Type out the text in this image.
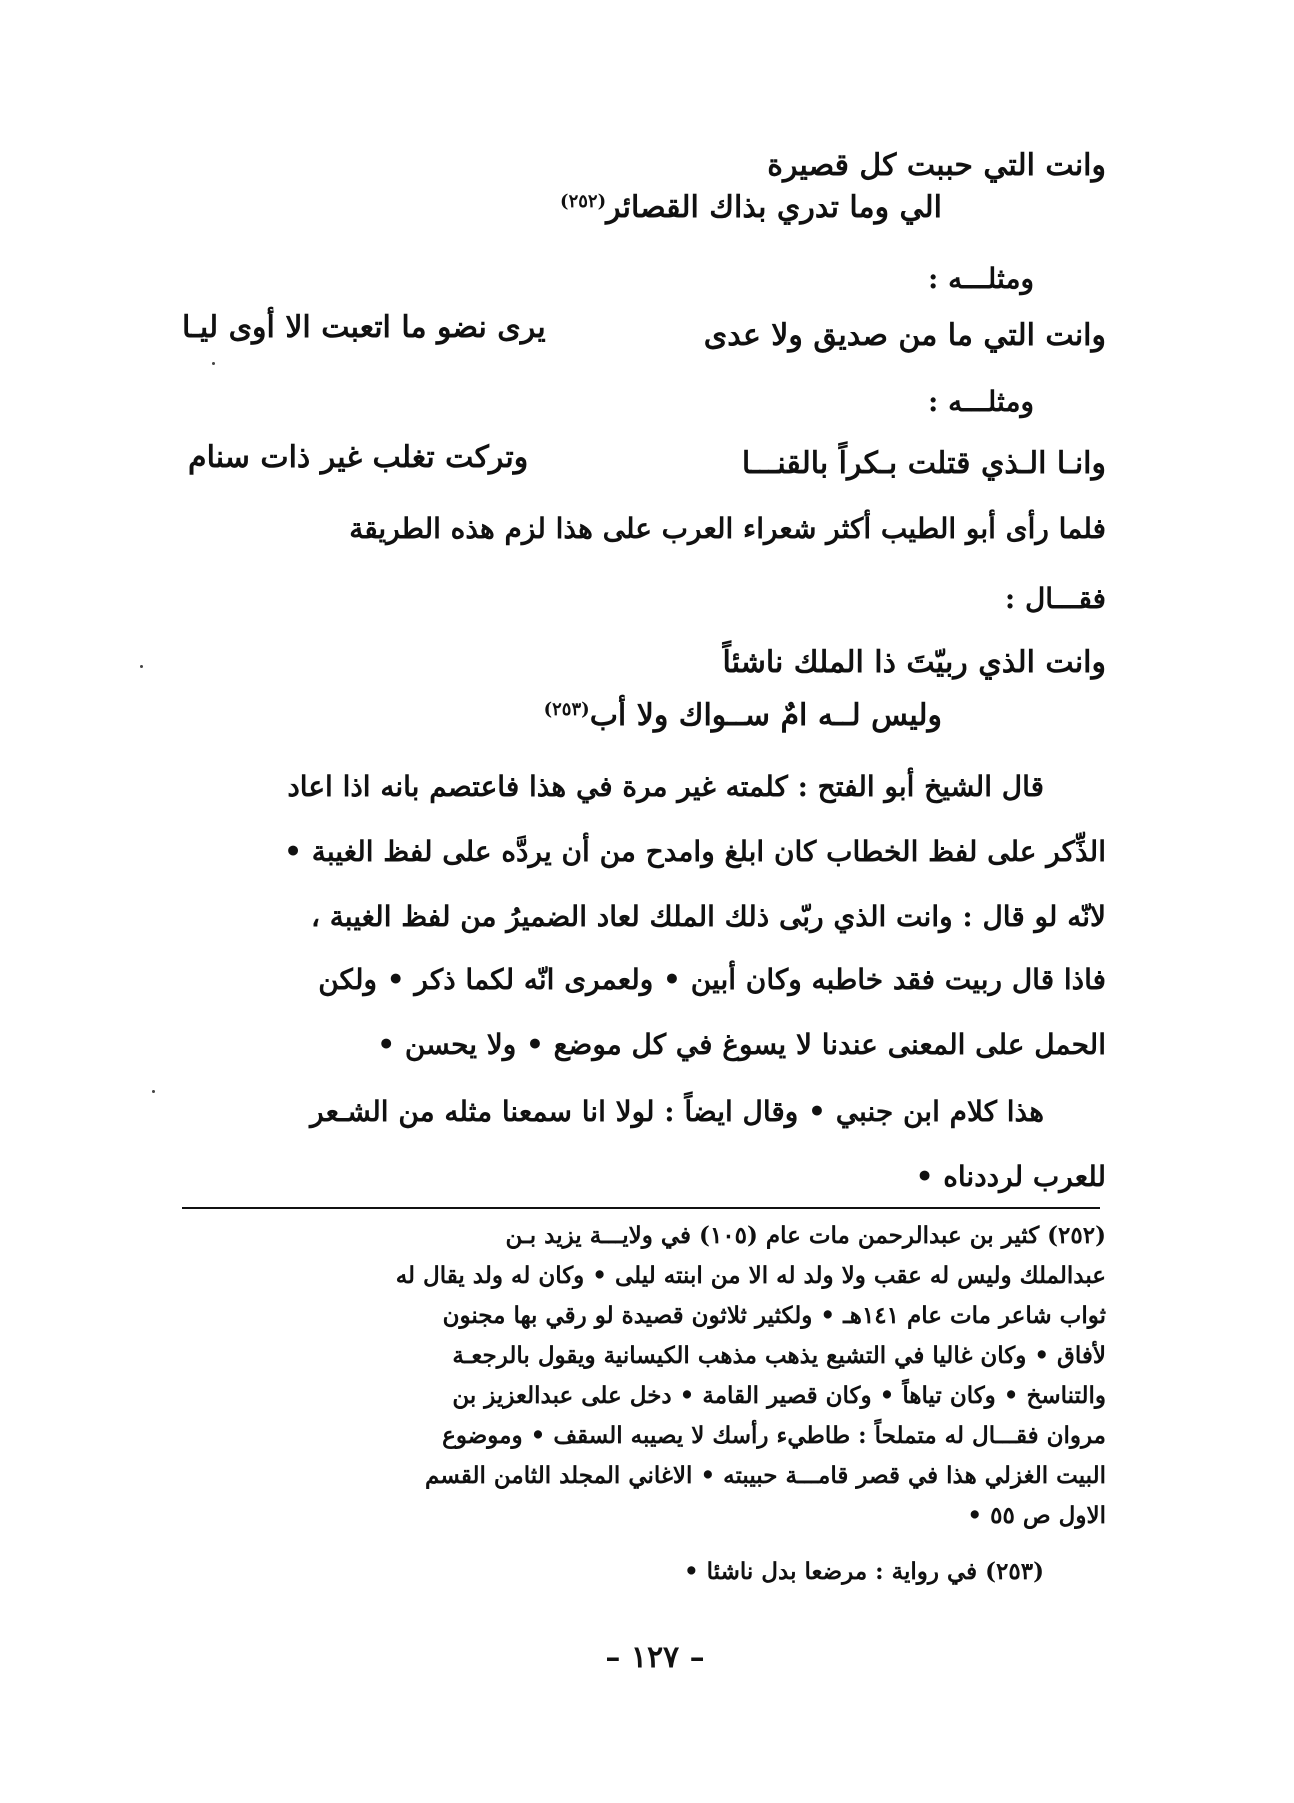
وانت التي حببت كل قصيرة
الي وما تدري بذاك القصائر$^{(٢٥٢)}$
ومثلـــه :
وانت التي ما من صديق ولا عدى
يرى نضو ما اتعبت الا أوى ليـا
ومثلـــه :
وانـا الـذي قتلت بـكراً بالقنـــا
وتركت تغلب غير ذات سنام
فلما رأى أبو الطيب أكثر شعراء العرب على هذا لزم هذه الطريقة
فقـــال :
وانت الذي ربيّتَ ذا الملك ناشئاً
وليس لــه امٌ ســواك ولا أب$^{(٢٥٣)}$
قال الشيخ أبو الفتح : كلمته غير مرة في هذا فاعتصم بانه اذا اعاد
الذِّكر على لفظ الخطاب كان ابلغ وامدح من أن يردَّه على لفظ الغيبة •
لانّه لو قال : وانت الذي ربّى ذلك الملك لعاد الضميرُ من لفظ الغيبة ،
فاذا قال ربيت فقد خاطبه وكان أبين • ولعمرى انّه لكما ذكر • ولكن
الحمل على المعنى عندنا لا يسوغ في كل موضع • ولا يحسن •
هذا كلام ابن جنبي • وقال ايضاً : لولا انا سمعنا مثله من الشـعر
للعرب لرددناه •
(٢٥٢) كثير بن عبدالرحمن مات عام (١٠٥) في ولايـــة يزيد بـن
عبدالملك وليس له عقب ولا ولد له الا من ابنته ليلى • وكان له ولد يقال له
ثواب شاعر مات عام ١٤١هـ • ولكثير ثلاثون قصيدة لو رقي بها مجنون
لأفاق • وكان غاليا في التشيع يذهب مذهب الكيسانية ويقول بالرجعـة
والتناسخ • وكان تياهاً • وكان قصير القامة • دخل على عبدالعزيز بن
مروان فقـــال له متملحاً : طاطيء رأسك لا يصيبه السقف • وموضوع
البيت الغزلي هذا في قصر قامـــة حبيبته • الاغاني المجلد الثامن القسم
الاول ص ٥٥ •
(٢٥٣) في رواية : مرضعا بدل ناشئا •
– ١٢٧ –
